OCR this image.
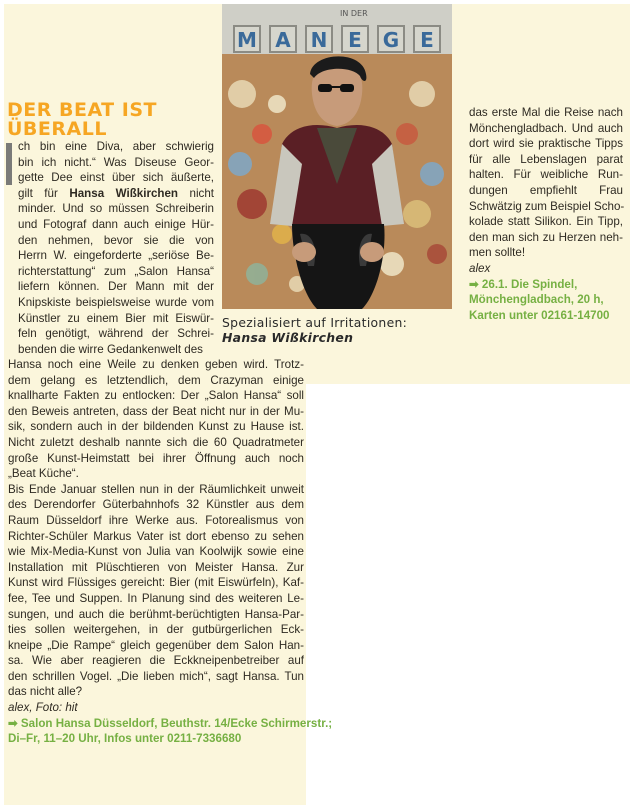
DER BEAT IST
ÜBERALL
ch bin eine Diva, aber schwierig
bin ich nicht.“ Was Diseuse Geor-
gette Dee einst über sich äußerte,
gilt für Hansa Wißkirchen nicht
minder. Und so müssen Schreiberin
und Fotograf dann auch einige Hür-
den nehmen, bevor sie die von
Herrn W. eingeforderte „seriöse Be-
richterstattung“ zum „Salon Hansa“
liefern können. Der Mann mit der
Knipskiste beispielsweise wurde vom
Künstler zu einem Bier mit Eiswür-
feln genötigt, während der Schrei-
benden die wirre Gedankenwelt des
Hansa noch eine Weile zu denken geben wird. Trotz-
dem gelang es letztendlich, dem Crazyman einige
knallharte Fakten zu entlocken: Der „Salon Hansa“ soll
den Beweis antreten, dass der Beat nicht nur in der Mu-
sik, sondern auch in der bildenden Kunst zu Hause ist.
Nicht zuletzt deshalb nannte sich die 60 Quadratmeter
große Kunst-Heimstatt bei ihrer Öffnung auch noch
„Beat Küche“.
Bis Ende Januar stellen nun in der Räumlichkeit unweit
des Derendorfer Güterbahnhofs 32 Künstler aus dem
Raum Düsseldorf ihre Werke aus. Fotorealismus von
Richter-Schüler Markus Vater ist dort ebenso zu sehen
wie Mix-Media-Kunst von Julia van Koolwijk sowie eine
Installation mit Plüschtieren von Meister Hansa. Zur
Kunst wird Flüssiges gereicht: Bier (mit Eiswürfeln), Kaf-
fee, Tee und Suppen. In Planung sind des weiteren Le-
sungen, und auch die berühmt-berüchtigten Hansa-Par-
ties sollen weitergehen, in der gutbürgerlichen Eck-
kneipe „Die Rampe“ gleich gegenüber dem Salon Han-
sa. Wie aber reagieren die Eckkneipenbetreiber auf
den schrillen Vogel. „Die lieben mich“, sagt Hansa. Tun
das nicht alle?
alex, Foto: hit
➡ Salon Hansa Düsseldorf, Beuthstr. 14/Ecke Schirmerstr.;
Di–Fr, 11–20 Uhr, Infos unter 0211-7336680
M A N E G E
IN DER
Spezialisiert auf Irritationen:
Hansa Wißkirchen
das erste Mal die Reise nach
Mönchengladbach. Und auch
dort wird sie praktische Tipps
für alle Lebenslagen parat
halten. Für weibliche Run-
dungen empfiehlt Frau
Schwätzig zum Beispiel Scho-
kolade statt Silikon. Ein Tipp,
den man sich zu Herzen neh-
men sollte!
alex
➡ 26.1. Die Spindel,
Mönchengladbach, 20 h,
Karten unter 02161-14700
